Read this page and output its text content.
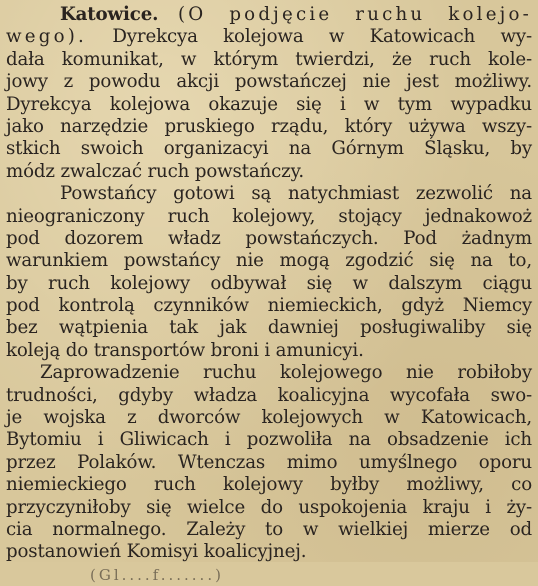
Katowice. (O podjęcie ruchu kolejo-
wego). Dyrekcya kolejowa w Katowicach wy-
dała komunikat, w którym twierdzi, że ruch kole-
jowy z powodu akcji powstańczej nie jest możliwy.
Dyrekcya kolejowa okazuje się i w tym wypadku
jako narzędzie pruskiego rządu, który używa wszy-
stkich swoich organizacyi na Górnym Śląsku, by
módz zwalczać ruch powstańczy.
Powstańcy gotowi są natychmiast zezwolić na
nieograniczony ruch kolejowy, stojący jednakowoż
pod dozorem władz powstańczych. Pod żadnym
warunkiem powstańcy nie mogą zgodzić się na to,
by ruch kolejowy odbywał się w dalszym ciągu
pod kontrolą czynników niemieckich, gdyż Niemcy
bez wątpienia tak jak dawniej posługiwaliby się
koleją do transportów broni i amunicyi.
Zaprowadzenie ruchu kolejowego nie robiłoby
trudności, gdyby władza koalicyjna wycofała swo-
je wojska z dworców kolejowych w Katowicach,
Bytomiu i Gliwicach i pozwoliła na obsadzenie ich
przez Polaków. Wtenczas mimo umyślnego oporu
niemieckiego ruch kolejowy byłby możliwy, co
przyczyniłoby się wielce do uspokojenia kraju i ży-
cia normalnego. Zależy to w wielkiej mierze od
postanowień Komisyi koalicyjnej.
(Gl....f.......)
